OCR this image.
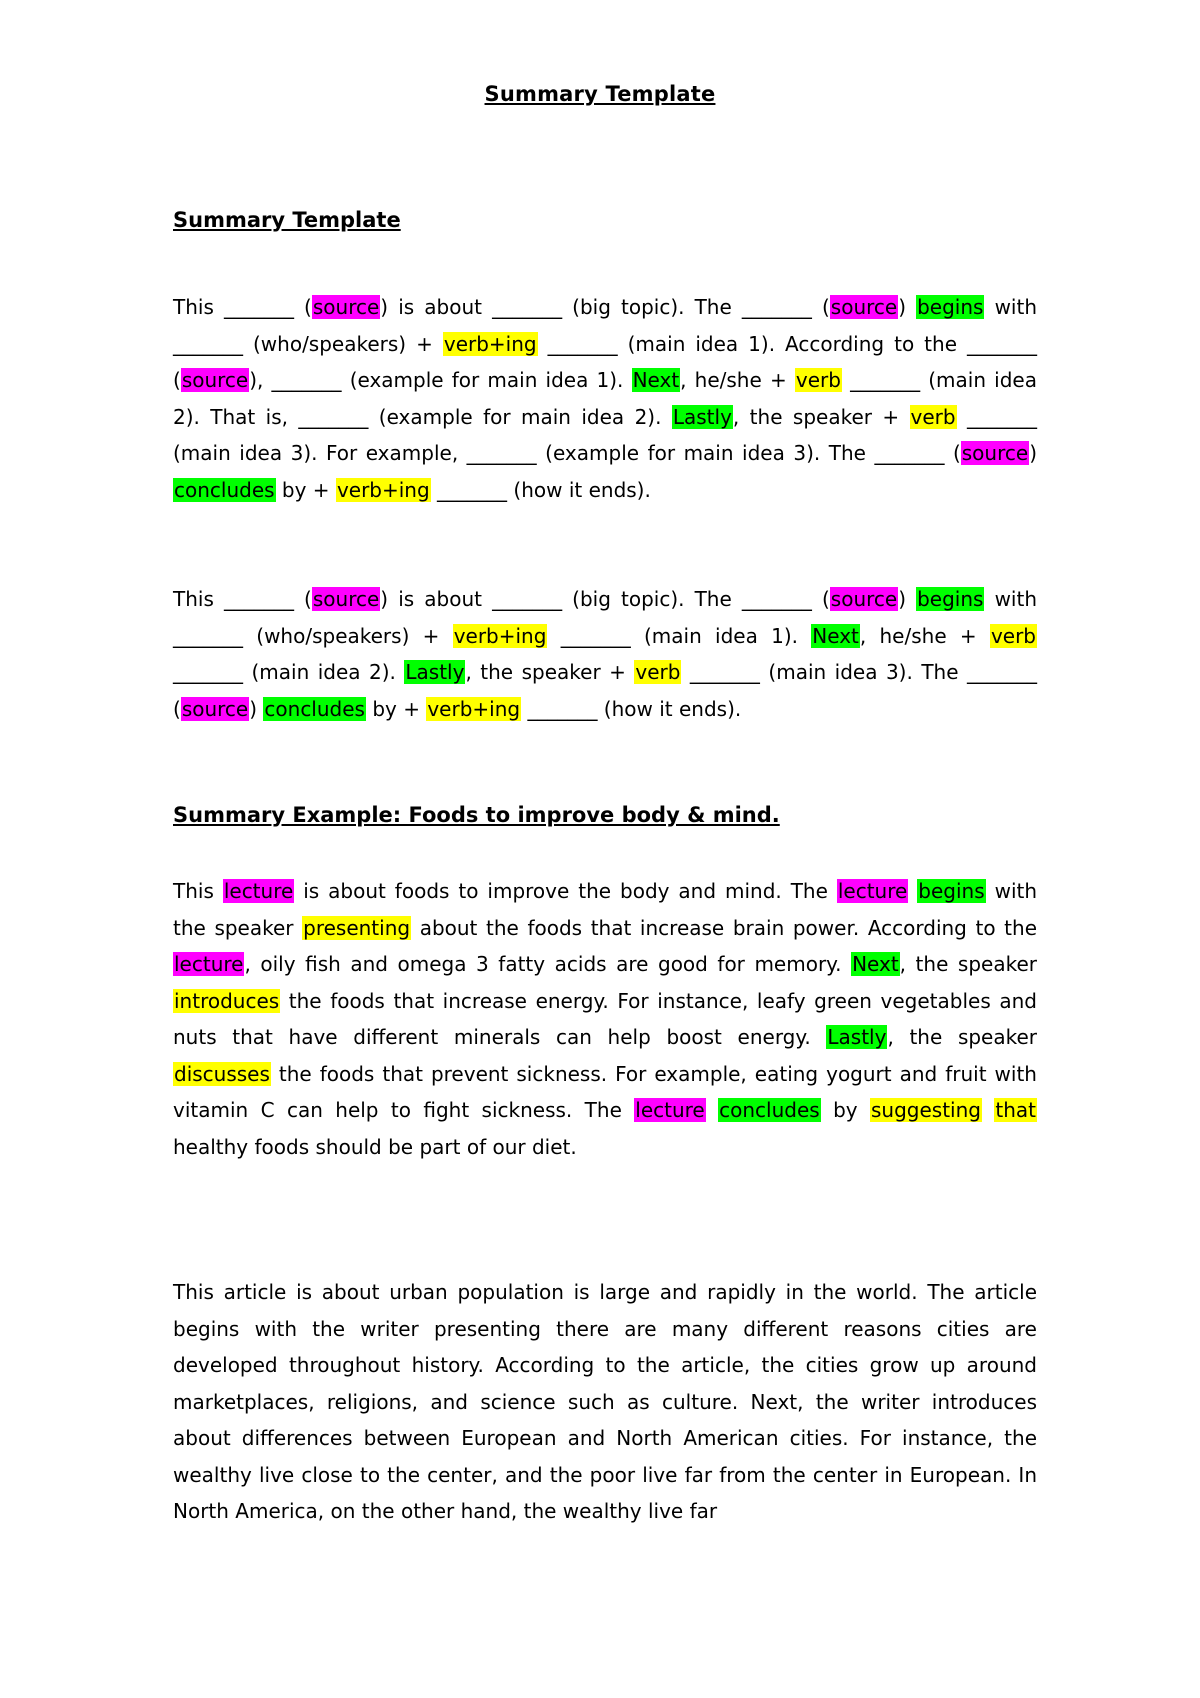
Summary Template
Summary Template

This _______ (source) is about _______ (big topic). The _______ (source) begins with _______ (who/speakers) + verb+ing _______ (main idea 1). According to the _______ (source), _______ (example for main idea 1). Next, he/she + verb _______ (main idea 2). That is, _______ (example for main idea 2). Lastly, the speaker + verb _______ (main idea 3). For example, _______ (example for main idea 3). The _______ (source) concludes by + verb+ing _______ (how it ends).

This _______ (source) is about _______ (big topic). The _______ (source) begins with _______ (who/speakers) + verb+ing _______ (main idea 1). Next, he/she + verb _______ (main idea 2). Lastly, the speaker + verb _______ (main idea 3). The _______ (source) concludes by + verb+ing _______ (how it ends).

Summary Example: Foods to improve body & mind.

This lecture is about foods to improve the body and mind. The lecture begins with the speaker presenting about the foods that increase brain power. According to the lecture, oily fish and omega 3 fatty acids are good for memory. Next, the speaker introduces the foods that increase energy. For instance, leafy green vegetables and nuts that have different minerals can help boost energy. Lastly, the speaker discusses the foods that prevent sickness. For example, eating yogurt and fruit with vitamin C can help to fight sickness. The lecture concludes by suggesting that healthy foods should be part of our diet.

This article is about urban population is large and rapidly in the world. The article begins with the writer presenting there are many different reasons cities are developed throughout history. According to the article, the cities grow up around marketplaces, religions, and science such as culture. Next, the writer introduces about differences between European and North American cities. For instance, the wealthy live close to the center, and the poor live far from the center in European. In North America, on the other hand, the wealthy live far
